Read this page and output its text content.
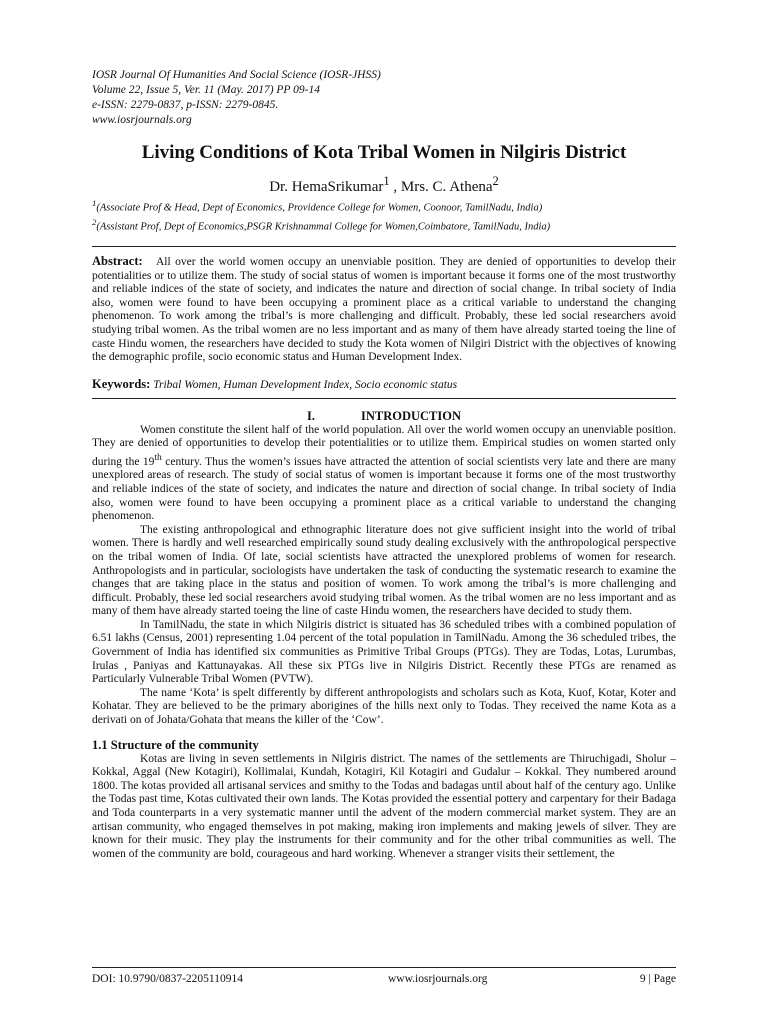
IOSR Journal Of Humanities And Social Science (IOSR-JHSS)
Volume 22, Issue 5, Ver. 11 (May. 2017) PP 09-14
e-ISSN: 2279-0837, p-ISSN: 2279-0845.
www.iosrjournals.org
Living Conditions of Kota Tribal Women in Nilgiris District
Dr. HemaSrikumar$^1$ , Mrs. C. Athena$^2$
$^1$(Associate Prof & Head, Dept of Economics, Providence College for Women, Coonoor, TamilNadu, India)
$^2$(Assistant Prof, Dept of Economics,PSGR Krishnammal College for Women,Coimbatore, TamilNadu, India)
Abstract: All over the world women occupy an unenviable position. They are denied of opportunities to develop their potentialities or to utilize them. The study of social status of women is important because it forms one of the most trustworthy and reliable indices of the state of society, and indicates the nature and direction of social change. In tribal society of India also, women were found to have been occupying a prominent place as a critical variable to understand the changing phenomenon. To work among the tribal’s is more challenging and difficult. Probably, these led social researchers avoid studying tribal women. As the tribal women are no less important and as many of them have already started toeing the line of caste Hindu women, the researchers have decided to study the Kota women of Nilgiri District with the objectives of knowing the demographic profile, socio economic status and Human Development Index.
Keywords: Tribal Women, Human Development Index, Socio economic status
I.	INTRODUCTION

Women constitute the silent half of the world population. All over the world women occupy an unenviable position. They are denied of opportunities to develop their potentialities or to utilize them. Empirical studies on women started only during the 19th century. Thus the women’s issues have attracted the attention of social scientists very late and there are many unexplored areas of research. The study of social status of women is important because it forms one of the most trustworthy and reliable indices of the state of society, and indicates the nature and direction of social change. In tribal society of India also, women were found to have been occupying a prominent place as a critical variable to understand the changing phenomenon.

The existing anthropological and ethnographic literature does not give sufficient insight into the world of tribal women. There is hardly and well researched empirically sound study dealing exclusively with the anthropological perspective on the tribal women of India. Of late, social scientists have attracted the unexplored problems of women for research. Anthropologists and in particular, sociologists have undertaken the task of conducting the systematic research to examine the changes that are taking place in the status and position of women. To work among the tribal’s is more challenging and difficult. Probably, these led social researchers avoid studying tribal women. As the tribal women are no less important and as many of them have already started toeing the line of caste Hindu women, the researchers have decided to study them.

In TamilNadu, the state in which Nilgiris district is situated has 36 scheduled tribes with a combined population of 6.51 lakhs (Census, 2001) representing 1.04 percent of the total population in TamilNadu. Among the 36 scheduled tribes, the Government of India has identified six communities as Primitive Tribal Groups (PTGs). They are Todas, Lotas, Lurumbas, Irulas , Paniyas and Kattunayakas. All these six PTGs live in Nilgiris District. Recently these PTGs are renamed as Particularly Vulnerable Tribal Women (PVTW).

The name ‘Kota’ is spelt differently by different anthropologists and scholars such as Kota, Kuof, Kotar, Koter and Kohatar. They are believed to be the primary aborigines of the hills next only to Todas. They received the name Kota as a derivati on of Johata/Gohata that means the killer of the ‘Cow’.

1.1 Structure of the community

Kotas are living in seven settlements in Nilgiris district. The names of the settlements are Thiruchigadi, Sholur – Kokkal, Aggal (New Kotagiri), Kollimalai, Kundah, Kotagiri, Kil Kotagiri and Gudalur – Kokkal. They numbered around 1800. The kotas provided all artisanal services and smithy to the Todas and badagas until about half of the century ago. Unlike the Todas past time, Kotas cultivated their own lands. The Kotas provided the essential pottery and carpentary for their Badaga and Toda counterparts in a very systematic manner until the advent of the modern commercial market system. They are an artisan community, who engaged themselves in pot making, making iron implements and making jewels of silver. They are known for their music. They play the instruments for their community and for the other tribal communities as well. The women of the community are bold, courageous and hard working. Whenever a stranger visits their settlement, the

DOI: 10.9790/0837-2205110914	www.iosrjournals.org	9 | Page
